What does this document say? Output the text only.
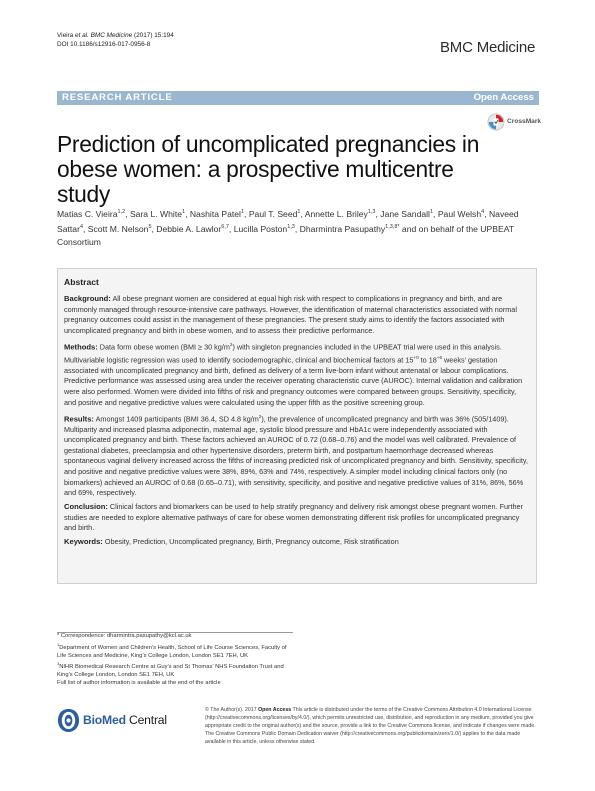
Vieira et al. BMC Medicine (2017) 15:194
DOI 10.1186/s12916-017-0956-8	BMC Medicine
RESEARCH ARTICLE	Open Access
Prediction of uncomplicated pregnancies in obese women: a prospective multicentre study
CrossMark
Matias C. Vieira$^{1,2}$, Sara L. White$^1$, Nashita Patel$^1$, Paul T. Seed$^1$, Annette L. Briley$^{1,3}$, Jane Sandall$^1$, Paul Welsh$^4$, Naveed Sattar$^4$, Scott M. Nelson$^5$, Debbie A. Lawlor$^{6,7}$, Lucilla Poston$^{1,3}$, Dharmintra Pasupathy$^{1,3,8*}$ and on behalf of the UPBEAT Consortium
Abstract

Background: All obese pregnant women are considered at equal high risk with respect to complications in pregnancy and birth, and are commonly managed through resource-intensive care pathways. However, the identification of maternal characteristics associated with normal pregnancy outcomes could assist in the management of these pregnancies. The present study aims to identify the factors associated with uncomplicated pregnancy and birth in obese women, and to assess their predictive performance.

Methods: Data form obese women (BMI ≥ 30 $kg/m^2$) with singleton pregnancies included in the UPBEAT trial were used in this analysis. Multivariable logistic regression was used to identify sociodemographic, clinical and biochemical factors at $15^{+0}$ to $18^{+6}$ weeks’ gestation associated with uncomplicated pregnancy and birth, defined as delivery of a term live-born infant without antenatal or labour complications. Predictive performance was assessed using area under the receiver operating characteristic curve (AUROC). Internal validation and calibration were also performed. Women were divided into fifths of risk and pregnancy outcomes were compared between groups. Sensitivity, specificity, and positive and negative predictive values were calculated using the upper fifth as the positive screening group.

Results: Amongst 1409 participants (BMI 36.4, SD 4.8 $kg/m^2$), the prevalence of uncomplicated pregnancy and birth was 36% (505/1409). Multiparity and increased plasma adiponectin, maternal age, systolic blood pressure and HbA1c were independently associated with uncomplicated pregnancy and birth. These factors achieved an AUROC of 0.72 (0.68–0.76) and the model was well calibrated. Prevalence of gestational diabetes, preeclampsia and other hypertensive disorders, preterm birth, and postpartum haemorrhage decreased whereas spontaneous vaginal delivery increased across the fifths of increasing predicted risk of uncomplicated pregnancy and birth. Sensitivity, specificity, and positive and negative predictive values were 38%, 89%, 63% and 74%, respectively. A simpler model including clinical factors only (no biomarkers) achieved an AUROC of 0.68 (0.65–0.71), with sensitivity, specificity, and positive and negative predictive values of 31%, 86%, 56% and 69%, respectively.

Conclusion: Clinical factors and biomarkers can be used to help stratify pregnancy and delivery risk amongst obese pregnant women. Further studies are needed to explore alternative pathways of care for obese women demonstrating different risk profiles for uncomplicated pregnancy and birth.

Keywords: Obesity, Prediction, Uncomplicated pregnancy, Birth, Pregnancy outcome, Risk stratification

* Correspondence: dharmintra.pasupathy@kcl.ac.uk

$^1$Department of Women and Children’s Health, School of Life Course Sciences, Faculty of Life Sciences and Medicine, King’s College London, London SE1 7EH, UK

$^3$NIHR Biomedical Research Centre at Guy’s and St Thomas’ NHS Foundation Trust and King’s College London, London SE1 7EH, UK

Full list of author information is available at the end of the article

BioMed Central
© The Author(s). 2017 Open Access This article is distributed under the terms of the Creative Commons Attribution 4.0 International License (http://creativecommons.org/licenses/by/4.0/), which permits unrestricted use, distribution, and reproduction in any medium, provided you give appropriate credit to the original author(s) and the source, provide a link to the Creative Commons license, and indicate if changes were made. The Creative Commons Public Domain Dedication waiver (http://creativecommons.org/publicdomain/zero/1.0/) applies to the data made available in this article, unless otherwise stated.
